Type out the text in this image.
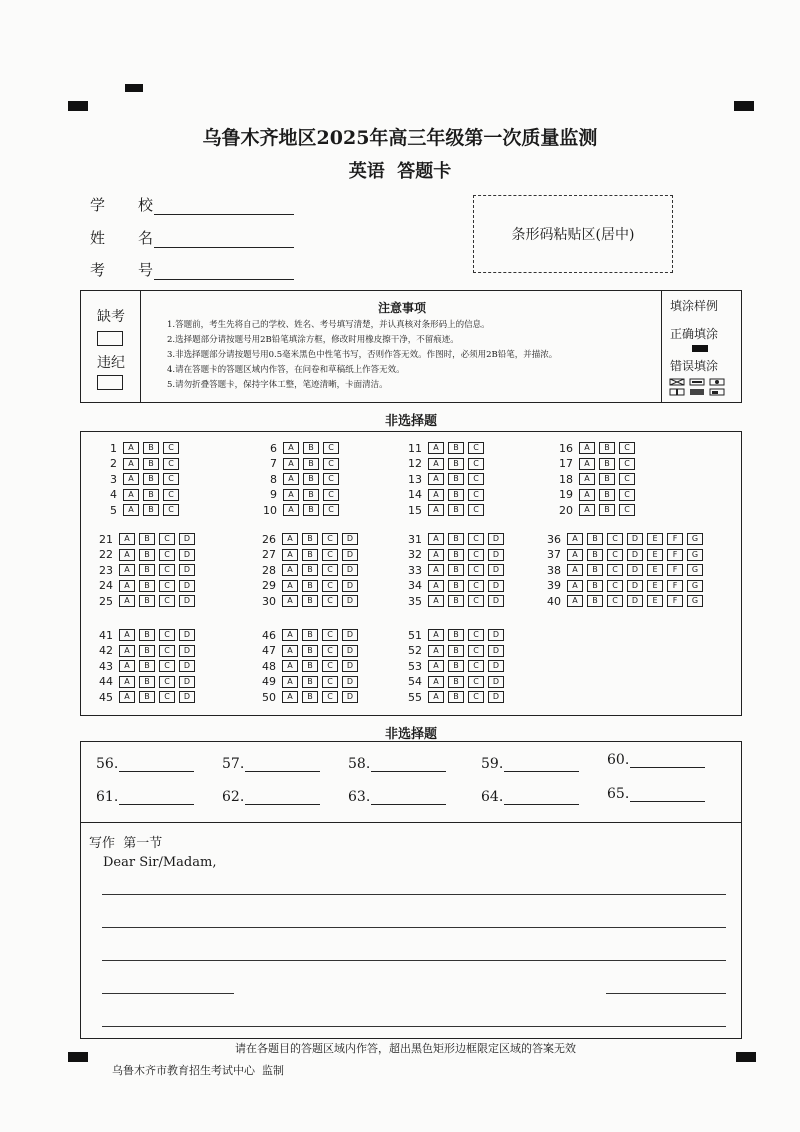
乌鲁木齐地区2025年高三年级第一次质量监测
英语  答题卡
学	校
姓	名
考	号
条形码粘贴区(居中)
缺考
违纪
注意事项
1.答题前，考生先将自己的学校、姓名、考号填写清楚，并认真核对条形码上的信息。
2.选择题部分请按题号用2B铅笔填涂方框，修改时用橡皮擦干净，不留痕迹。
3.非选择题部分请按题号用0.5毫米黑色中性笔书写，否则作答无效。作图时，必须用2B铅笔，并描浓。
4.请在答题卡的答题区域内作答，在问卷和草稿纸上作答无效。
5.请勿折叠答题卡，保持字体工整，笔迹清晰，卡面清洁。
填涂样例
正确填涂
错误填涂
非选择题
1	A	B	C
2	A	B	C
3	A	B	C
4	A	B	C
5	A	B	C
6	A	B	C
7	A	B	C
8	A	B	C
9	A	B	C
10	A	B	C
11	A	B	C
12	A	B	C
13	A	B	C
14	A	B	C
15	A	B	C
16	A	B	C
17	A	B	C
18	A	B	C
19	A	B	C
20	A	B	C
21	A	B	C	D
22	A	B	C	D
23	A	B	C	D
24	A	B	C	D
25	A	B	C	D
26	A	B	C	D
27	A	B	C	D
28	A	B	C	D
29	A	B	C	D
30	A	B	C	D
31	A	B	C	D
32	A	B	C	D
33	A	B	C	D
34	A	B	C	D
35	A	B	C	D
36	A	B	C	D	E	F	G
37	A	B	C	D	E	F	G
38	A	B	C	D	E	F	G
39	A	B	C	D	E	F	G
40	A	B	C	D	E	F	G
41	A	B	C	D
42	A	B	C	D
43	A	B	C	D
44	A	B	C	D
45	A	B	C	D
46	A	B	C	D
47	A	B	C	D
48	A	B	C	D
49	A	B	C	D
50	A	B	C	D
51	A	B	C	D
52	A	B	C	D
53	A	B	C	D
54	A	B	C	D
55	A	B	C	D
非选择题
写作  第一节
Dear Sir/Madam,
56.	57.	58.	59.	60.
61.	62.	63.	64.	65.
请在各题目的答题区域内作答，超出黑色矩形边框限定区域的答案无效
乌鲁木齐市教育招生考试中心  监制
